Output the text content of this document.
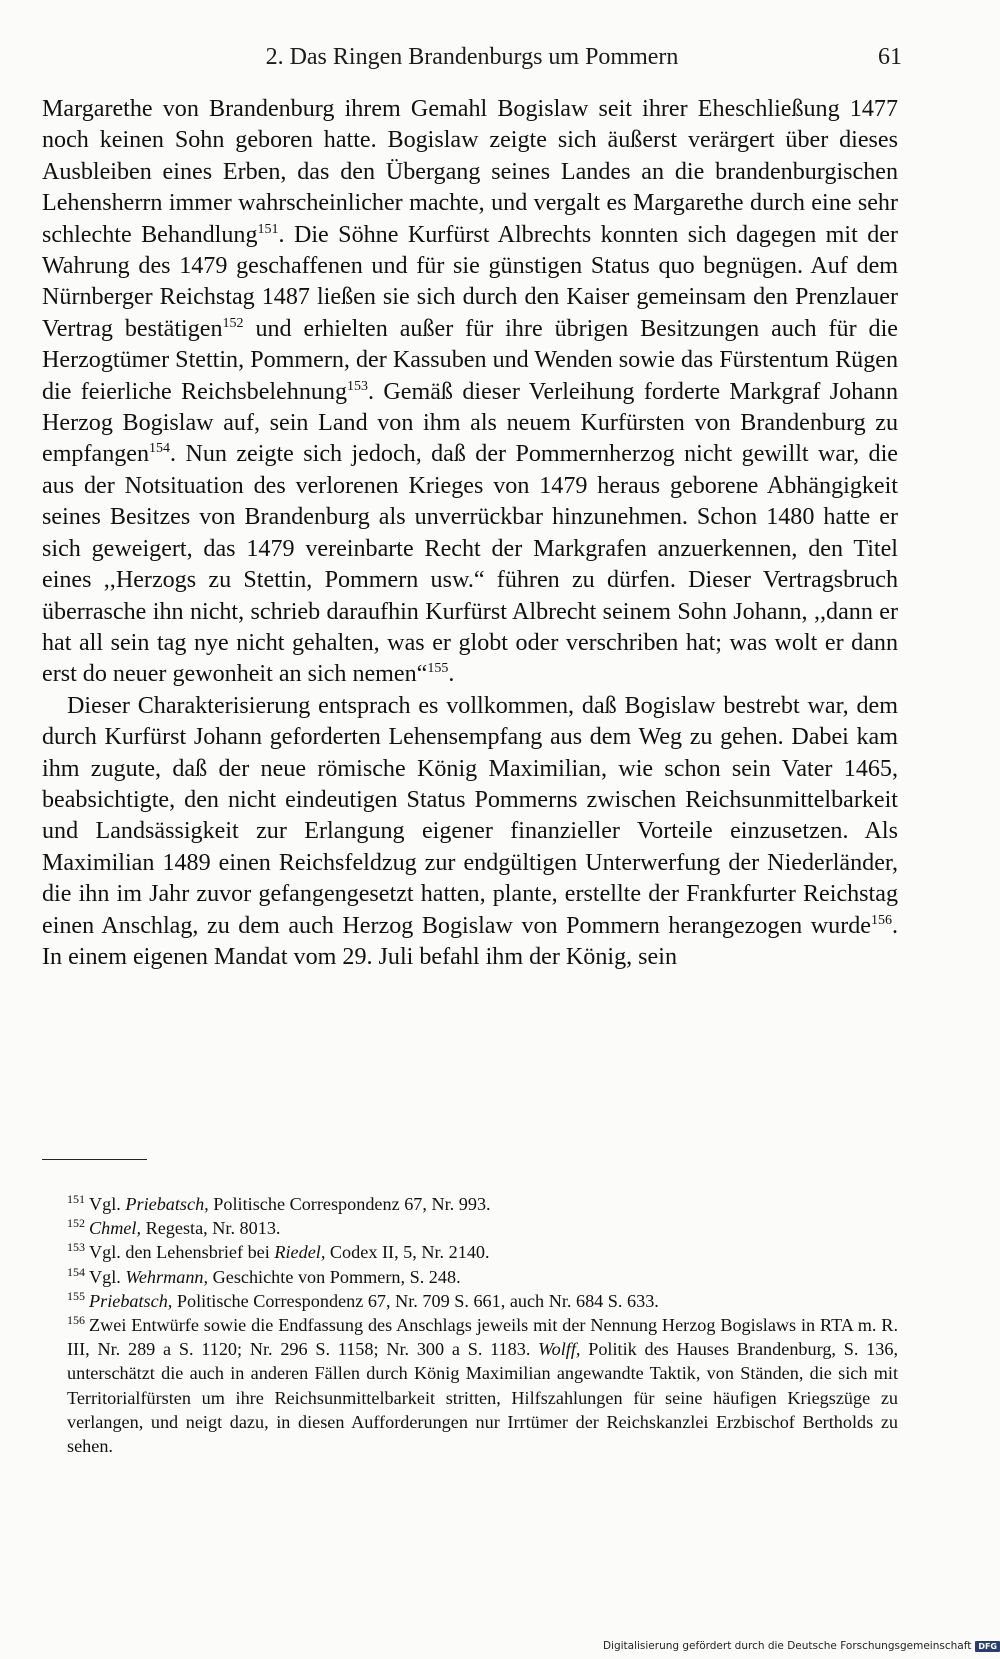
2. Das Ringen Brandenburgs um Pommern	61

Margarethe von Brandenburg ihrem Gemahl Bogislaw seit ihrer Eheschließung 1477 noch keinen Sohn geboren hatte. Bogislaw zeigte sich äußerst verärgert über dieses Ausbleiben eines Erben, das den Übergang seines Landes an die brandenburgischen Lehensherrn immer wahrscheinlicher machte, und vergalt es Margarethe durch eine sehr schlechte Behandlung$^{151}$. Die Söhne Kurfürst Albrechts konnten sich dagegen mit der Wahrung des 1479 geschaffenen und für sie günstigen Status quo begnügen. Auf dem Nürnberger Reichstag 1487 ließen sie sich durch den Kaiser gemeinsam den Prenzlauer Vertrag bestätigen$^{152}$ und erhielten außer für ihre übrigen Besitzungen auch für die Herzogtümer Stettin, Pommern, der Kassuben und Wenden sowie das Fürstentum Rügen die feierliche Reichsbelehnung$^{153}$. Gemäß dieser Verleihung forderte Markgraf Johann Herzog Bogislaw auf, sein Land von ihm als neuem Kurfürsten von Brandenburg zu empfangen$^{154}$. Nun zeigte sich jedoch, daß der Pommernherzog nicht gewillt war, die aus der Notsituation des verlorenen Krieges von 1479 heraus geborene Abhängigkeit seines Besitzes von Brandenburg als unverrückbar hinzunehmen. Schon 1480 hatte er sich geweigert, das 1479 vereinbarte Recht der Markgrafen anzuerkennen, den Titel eines ,,Herzogs zu Stettin, Pommern usw.“ führen zu dürfen. Dieser Vertragsbruch überrasche ihn nicht, schrieb daraufhin Kurfürst Albrecht seinem Sohn Johann, ,,dann er hat all sein tag nye nicht gehalten, was er globt oder verschriben hat; was wolt er dann erst do neuer gewonheit an sich nemen“$^{155}$.

Dieser Charakterisierung entsprach es vollkommen, daß Bogislaw bestrebt war, dem durch Kurfürst Johann geforderten Lehensempfang aus dem Weg zu gehen. Dabei kam ihm zugute, daß der neue römische König Maximilian, wie schon sein Vater 1465, beabsichtigte, den nicht eindeutigen Status Pommerns zwischen Reichsunmittelbarkeit und Landsässigkeit zur Erlangung eigener finanzieller Vorteile einzusetzen. Als Maximilian 1489 einen Reichsfeldzug zur endgültigen Unterwerfung der Niederländer, die ihn im Jahr zuvor gefangengesetzt hatten, plante, erstellte der Frankfurter Reichstag einen Anschlag, zu dem auch Herzog Bogislaw von Pommern herangezogen wurde$^{156}$. In einem eigenen Mandat vom 29. Juli befahl ihm der König, sein

$^{151}$ Vgl. Priebatsch, Politische Correspondenz 67, Nr. 993.

$^{152}$ Chmel, Regesta, Nr. 8013.

$^{153}$ Vgl. den Lehensbrief bei Riedel, Codex II, 5, Nr. 2140.

$^{154}$ Vgl. Wehrmann, Geschichte von Pommern, S. 248.

$^{155}$ Priebatsch, Politische Correspondenz 67, Nr. 709 S. 661, auch Nr. 684 S. 633.

$^{156}$ Zwei Entwürfe sowie die Endfassung des Anschlags jeweils mit der Nennung Herzog Bogislaws in RTA m. R. III, Nr. 289 a S. 1120; Nr. 296 S. 1158; Nr. 300 a S. 1183. Wolff, Politik des Hauses Brandenburg, S. 136, unterschätzt die auch in anderen Fällen durch König Maximilian angewandte Taktik, von Ständen, die sich mit Territorialfürsten um ihre Reichsunmittelbarkeit stritten, Hilfszahlungen für seine häufigen Kriegszüge zu verlangen, und neigt dazu, in diesen Aufforderungen nur Irrtümer der Reichskanzlei Erzbischof Bertholds zu sehen.

Digitalisierung gefördert durch die Deutsche Forschungsgemeinschaft DFG
